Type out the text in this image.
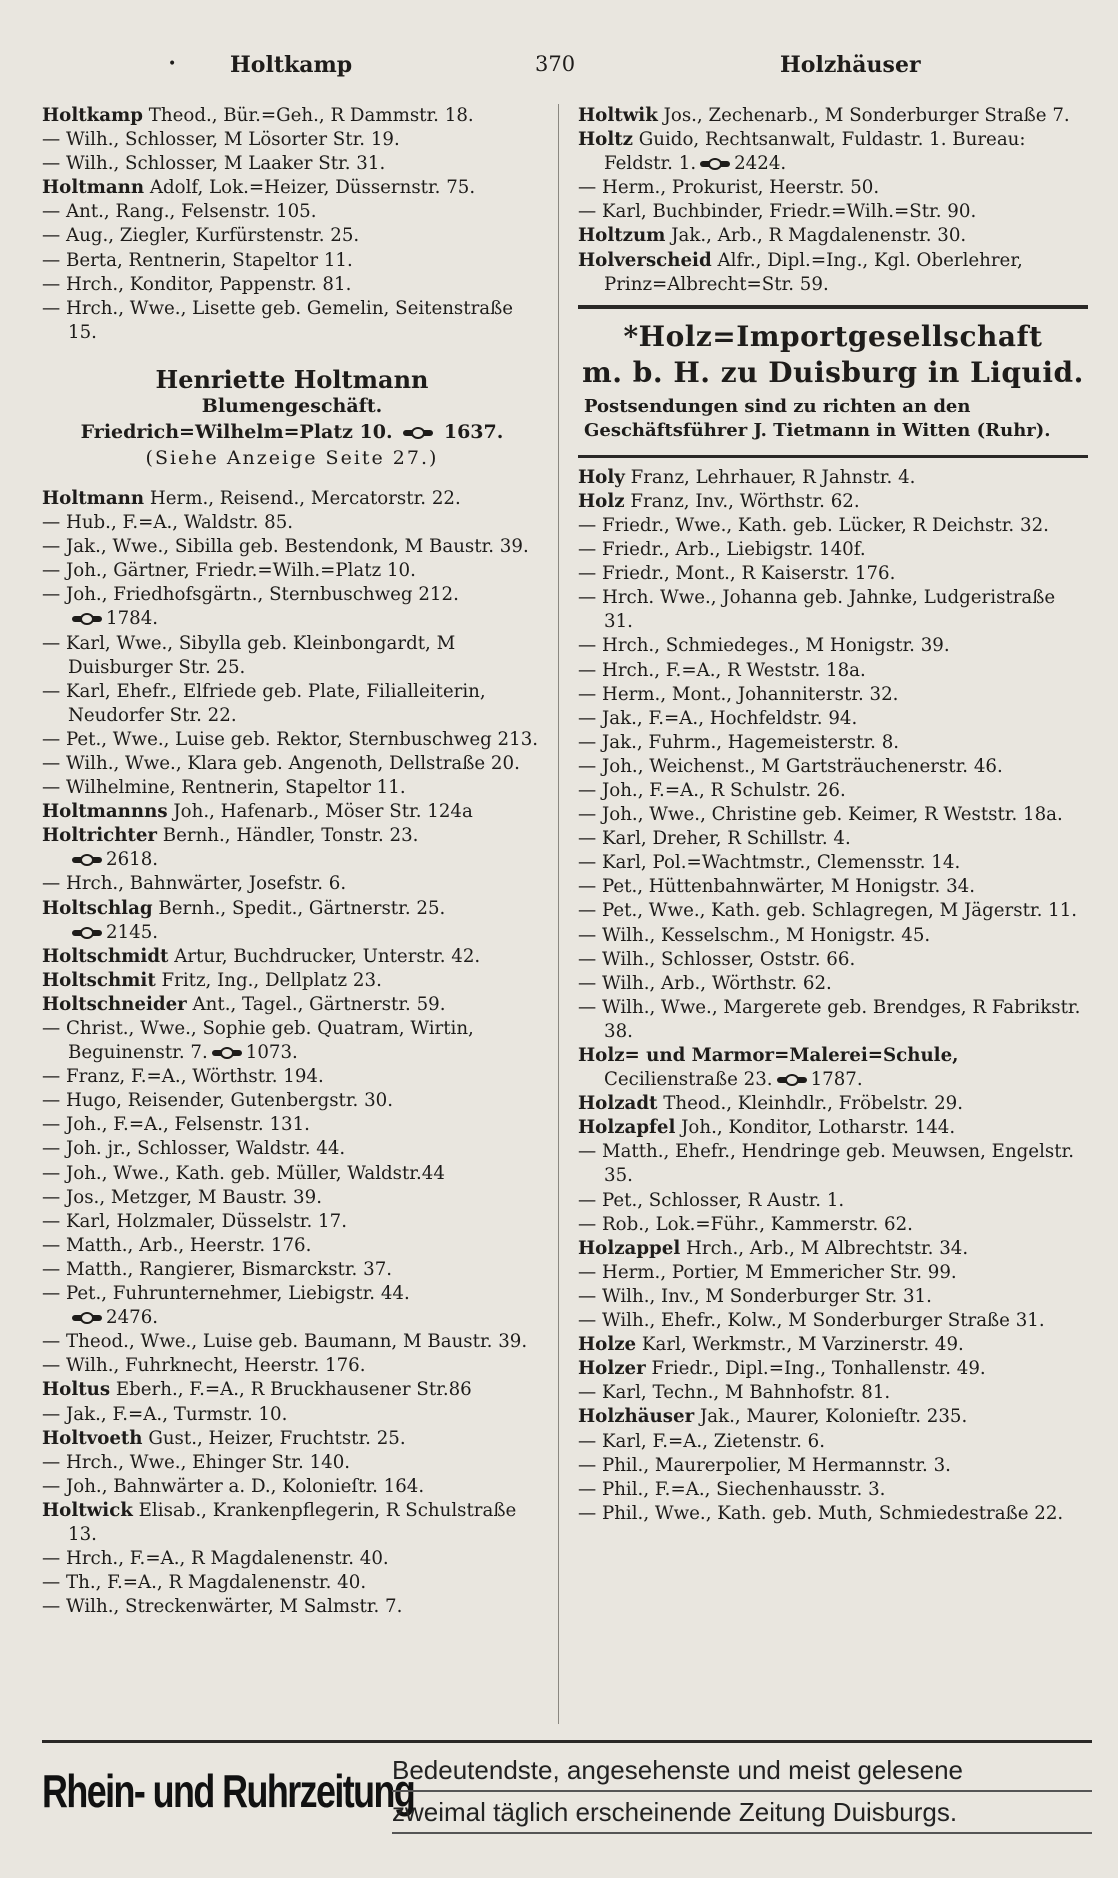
• Holtkamp	370	Holzhäuser

Holtkamp Theod., Bür.=Geh., R Dammstr. 18.

— Wilh., Schlosser, M Lösorter Str. 19.

— Wilh., Schlosser, M Laaker Str. 31.

Holtmann Adolf, Lok.=Heizer, Düssernstr. 75.

— Ant., Rang., Felsenstr. 105.

— Aug., Ziegler, Kurfürstenstr. 25.

— Berta, Rentnerin, Stapeltor 11.

— Hrch., Konditor, Pappenstr. 81.

— Hrch., Wwe., Lisette geb. Gemelin, Seitenstraße 15.

Henriette Holtmann
Blumengeschäft.
Friedrich=Wilhelm=Platz 10.	1637.
(Siehe Anzeige Seite 27.)

Holtmann Herm., Reisend., Mercatorstr. 22.

— Hub., F.=A., Waldstr. 85.

— Jak., Wwe., Sibilla geb. Bestendonk, M Baustr. 39.

— Joh., Gärtner, Friedr.=Wilh.=Platz 10.

— Joh., Friedhofsgärtn., Sternbuschweg 212.
1784.

— Karl, Wwe., Sibylla geb. Kleinbongardt, M Duisburger Str. 25.

— Karl, Ehefr., Elfriede geb. Plate, Filialleiterin, Neudorfer Str. 22.

— Pet., Wwe., Luise geb. Rektor, Sternbuschweg 213.

— Wilh., Wwe., Klara geb. Angenoth, Dellstraße 20.

— Wilhelmine, Rentnerin, Stapeltor 11.

Holtmannns Joh., Hafenarb., Möser Str. 124a

Holtrichter Bernh., Händler, Tonstr. 23.
2618.

— Hrch., Bahnwärter, Josefstr. 6.

Holtschlag Bernh., Spedit., Gärtnerstr. 25.
2145.

Holtschmidt Artur, Buchdrucker, Unterstr. 42.

Holtschmit Fritz, Ing., Dellplatz 23.

Holtschneider Ant., Tagel., Gärtnerstr. 59.

— Christ., Wwe., Sophie geb. Quatram, Wirtin, Beguinenstr. 7. 1073.

— Franz, F.=A., Wörthstr. 194.

— Hugo, Reisender, Gutenbergstr. 30.

— Joh., F.=A., Felsenstr. 131.

— Joh. jr., Schlosser, Waldstr. 44.

— Joh., Wwe., Kath. geb. Müller, Waldstr.44

— Jos., Metzger, M Baustr. 39.

— Karl, Holzmaler, Düsselstr. 17.

— Matth., Arb., Heerstr. 176.

— Matth., Rangierer, Bismarckstr. 37.

— Pet., Fuhrunternehmer, Liebigstr. 44.
2476.

— Theod., Wwe., Luise geb. Baumann, M Baustr. 39.

— Wilh., Fuhrknecht, Heerstr. 176.

Holtus Eberh., F.=A., R Bruckhausener Str.86

— Jak., F.=A., Turmstr. 10.

Holtvoeth Gust., Heizer, Fruchtstr. 25.

— Hrch., Wwe., Ehinger Str. 140.

— Joh., Bahnwärter a. D., Kolonieſtr. 164.

Holtwick Elisab., Krankenpflegerin, R Schulstraße 13.

— Hrch., F.=A., R Magdalenenstr. 40.

— Th., F.=A., R Magdalenenstr. 40.

— Wilh., Streckenwärter, M Salmstr. 7.

Holtwik Jos., Zechenarb., M Sonderburger Straße 7.

Holtz Guido, Rechtsanwalt, Fuldastr. 1. Bureau: Feldstr. 1. 2424.

— Herm., Prokurist, Heerstr. 50.

— Karl, Buchbinder, Friedr.=Wilh.=Str. 90.

Holtzum Jak., Arb., R Magdalenenstr. 30.

Holverscheid Alfr., Dipl.=Ing., Kgl. Oberlehrer, Prinz=Albrecht=Str. 59.

*Holz=Importgesellschaft
m. b. H. zu Duisburg in Liquid.
Postsendungen sind zu richten an den Geschäftsführer J. Tietmann in Witten (Ruhr).

Holy Franz, Lehrhauer, R Jahnstr. 4.

Holz Franz, Inv., Wörthstr. 62.

— Friedr., Wwe., Kath. geb. Lücker, R Deichstr. 32.

— Friedr., Arb., Liebigstr. 140f.

— Friedr., Mont., R Kaiserstr. 176.

— Hrch. Wwe., Johanna geb. Jahnke, Ludgeristraße 31.

— Hrch., Schmiedeges., M Honigstr. 39.

— Hrch., F.=A., R Weststr. 18a.

— Herm., Mont., Johanniterstr. 32.

— Jak., F.=A., Hochfeldstr. 94.

— Jak., Fuhrm., Hagemeisterstr. 8.

— Joh., Weichenst., M Gartsträuchenerstr. 46.

— Joh., F.=A., R Schulstr. 26.

— Joh., Wwe., Christine geb. Keimer, R Weststr. 18a.

— Karl, Dreher, R Schillstr. 4.

— Karl, Pol.=Wachtmstr., Clemensstr. 14.

— Pet., Hüttenbahnwärter, M Honigstr. 34.

— Pet., Wwe., Kath. geb. Schlagregen, M Jägerstr. 11.

— Wilh., Kesselschm., M Honigstr. 45.

— Wilh., Schlosser, Oststr. 66.

— Wilh., Arb., Wörthstr. 62.

— Wilh., Wwe., Margerete geb. Brendges, R Fabrikstr. 38.

Holz= und Marmor=Malerei=Schule, Cecilienstraße 23. 1787.

Holzadt Theod., Kleinhdlr., Fröbelstr. 29.

Holzapfel Joh., Konditor, Lotharstr. 144.

— Matth., Ehefr., Hendringe geb. Meuwsen, Engelstr. 35.

— Pet., Schlosser, R Austr. 1.

— Rob., Lok.=Führ., Kammerstr. 62.

Holzappel Hrch., Arb., M Albrechtstr. 34.

— Herm., Portier, M Emmericher Str. 99.

— Wilh., Inv., M Sonderburger Str. 31.

— Wilh., Ehefr., Kolw., M Sonderburger Straße 31.

Holze Karl, Werkmstr., M Varzinerstr. 49.

Holzer Friedr., Dipl.=Ing., Tonhallenstr. 49.

— Karl, Techn., M Bahnhofstr. 81.

Holzhäuser Jak., Maurer, Kolonieſtr. 235.

— Karl, F.=A., Zietenstr. 6.

— Phil., Maurerpolier, M Hermannstr. 3.

— Phil., F.=A., Siechenhausstr. 3.

— Phil., Wwe., Kath. geb. Muth, Schmiedestraße 22.

Rhein- und Ruhrzeitung
Bedeutendste, angesehenste und meist gelesene
zweimal täglich erscheinende Zeitung Duisburgs.
